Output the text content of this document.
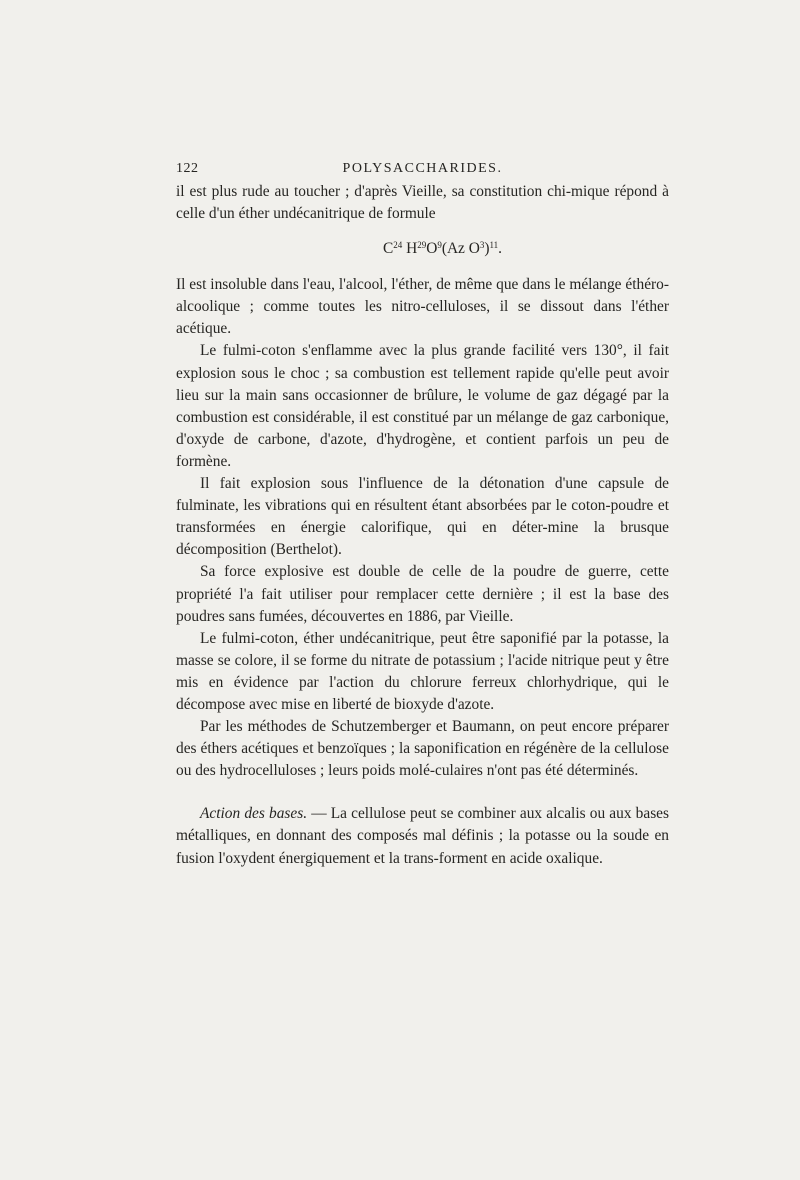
122	POLYSACCHARIDES.

il est plus rude au toucher ; d'après Vieille, sa constitution chi-mique répond à celle d'un éther undécanitrique de formule

$C^{24}$ $H^{29}O^9(Az$ $O^3)^{11}$.

Il est insoluble dans l'eau, l'alcool, l'éther, de même que dans le mélange éthéro-alcoolique ; comme toutes les nitro-celluloses, il se dissout dans l'éther acétique.

Le fulmi-coton s'enflamme avec la plus grande facilité vers 130°, il fait explosion sous le choc ; sa combustion est tellement rapide qu'elle peut avoir lieu sur la main sans occasionner de brûlure, le volume de gaz dégagé par la combustion est considérable, il est constitué par un mélange de gaz carbonique, d'oxyde de carbone, d'azote, d'hydrogène, et contient parfois un peu de formène.

Il fait explosion sous l'influence de la détonation d'une capsule de fulminate, les vibrations qui en résultent étant absorbées par le coton-poudre et transformées en énergie calorifique, qui en déter-mine la brusque décomposition (Berthelot).

Sa force explosive est double de celle de la poudre de guerre, cette propriété l'a fait utiliser pour remplacer cette dernière ; il est la base des poudres sans fumées, découvertes en 1886, par Vieille.

Le fulmi-coton, éther undécanitrique, peut être saponifié par la potasse, la masse se colore, il se forme du nitrate de potassium ; l'acide nitrique peut y être mis en évidence par l'action du chlorure ferreux chlorhydrique, qui le décompose avec mise en liberté de bioxyde d'azote.

Par les méthodes de Schutzemberger et Baumann, on peut encore préparer des éthers acétiques et benzoïques ; la saponification en régénère de la cellulose ou des hydrocelluloses ; leurs poids molé-culaires n'ont pas été déterminés.

Action des bases. — La cellulose peut se combiner aux alcalis ou aux bases métalliques, en donnant des composés mal définis ; la potasse ou la soude en fusion l'oxydent énergiquement et la trans-forment en acide oxalique.
